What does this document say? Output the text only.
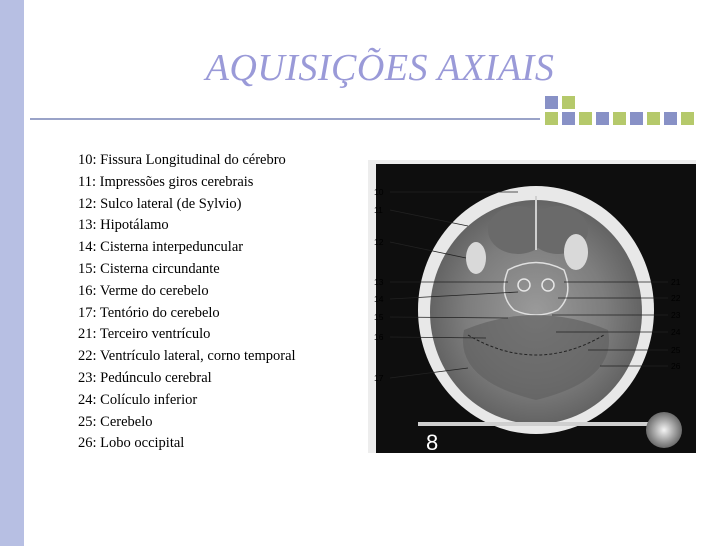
AQUISIÇÕES AXIAIS
10: Fissura Longitudinal do cérebro
11: Impressões giros cerebrais
12: Sulco lateral (de Sylvio)
13: Hipotálamo
14: Cisterna interpeduncular
15: Cisterna circundante
16: Verme do cerebelo
17: Tentório do cerebelo
21: Terceiro ventrículo
22: Ventrículo lateral, corno temporal
23: Pedúnculo cerebral
24: Colículo inferior
25: Cerebelo
26: Lobo occipital
10
11
12
13
14
15
16
17
21
22
23
24
25
26
8
